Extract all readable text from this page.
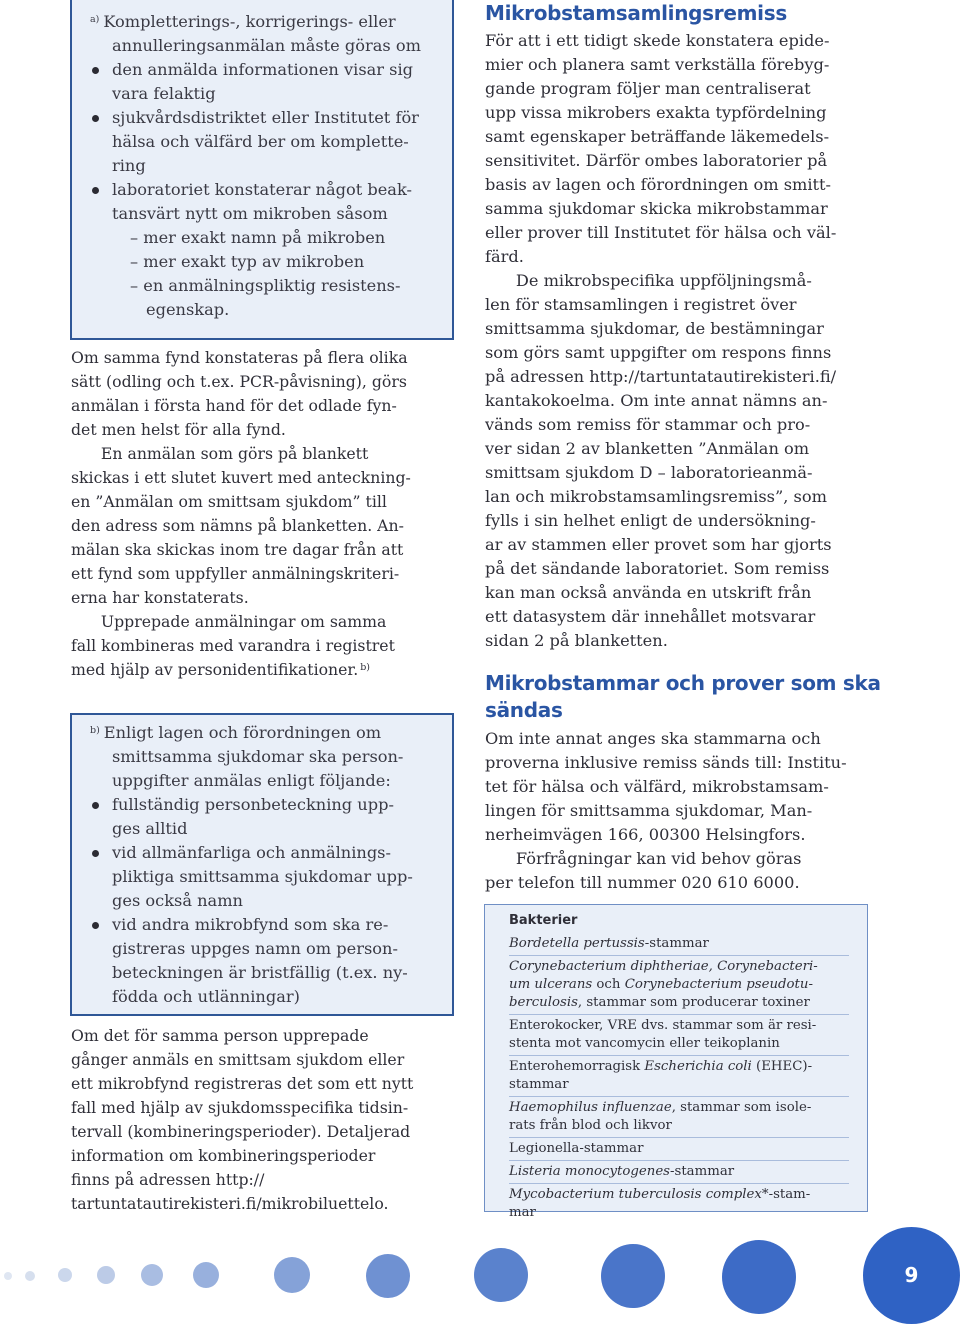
$^{a)}$ Kompletterings-, korrigerings- eller
annulleringsanmälan måste göras om
den anmälda informationen visar sig
vara felaktig
sjukvårdsdistriktet eller Institutet för
hälsa och välfärd ber om komplette-
ring
laboratoriet konstaterar något beak-
tansvärt nytt om mikroben såsom
– mer exakt namn på mikroben
– mer exakt typ av mikroben
– en anmälningspliktig resistens-
egenskap.
Om samma fynd konstateras på flera olika
sätt (odling och t.ex. PCR-påvisning), görs
anmälan i första hand för det odlade fyn-
det men helst för alla fynd.
En anmälan som görs på blankett
skickas i ett slutet kuvert med anteckning-
en ”Anmälan om smittsam sjukdom” till
den adress som nämns på blanketten. An-
mälan ska skickas inom tre dagar från att
ett fynd som uppfyller anmälningskriteri-
erna har konstaterats.
Upprepade anmälningar om samma
fall kombineras med varandra i registret
med hjälp av personidentifikationer. $^{b)}$
$^{b)}$ Enligt lagen och förordningen om
smittsamma sjukdomar ska person-
uppgifter anmälas enligt följande:
fullständig personbeteckning upp-
ges alltid
vid allmänfarliga och anmälnings-
pliktiga smittsamma sjukdomar upp-
ges också namn
vid andra mikrobfynd som ska re-
gistreras uppges namn om person-
beteckningen är bristfällig (t.ex. ny-
födda och utlänningar)
Om det för samma person upprepade
gånger anmäls en smittsam sjukdom eller
ett mikrobfynd registreras det som ett nytt
fall med hjälp av sjukdomsspecifika tidsin-
tervall (kombineringsperioder). Detaljerad
information om kombineringsperioder
finns på adressen http://
tartuntatautirekisteri.fi/mikrobiluettelo.
Mikrobstamsamlingsremiss
För att i ett tidigt skede konstatera epide-
mier och planera samt verkställa förebyg-
gande program följer man centraliserat
upp vissa mikrobers exakta typfördelning
samt egenskaper beträffande läkemedels-
sensitivitet. Därför ombes laboratorier på
basis av lagen och förordningen om smitt-
samma sjukdomar skicka mikrobstammar
eller prover till Institutet för hälsa och väl-
färd.
De mikrobspecifika uppföljningsmå-
len för stamsamlingen i registret över
smittsamma sjukdomar, de bestämningar
som görs samt uppgifter om respons finns
på adressen http://tartuntatautirekisteri.fi/
kantakokoelma. Om inte annat nämns an-
vänds som remiss för stammar och pro-
ver sidan 2 av blanketten ”Anmälan om
smittsam sjukdom D – laboratorieanmä-
lan och mikrobstamsamlingsremiss”, som
fylls i sin helhet enligt de undersökning-
ar av stammen eller provet som har gjorts
på det sändande laboratoriet. Som remiss
kan man också använda en utskrift från
ett datasystem där innehållet motsvarar
sidan 2 på blanketten.
Mikrobstammar och prover som ska
sändas
Om inte annat anges ska stammarna och
proverna inklusive remiss sänds till: Institu-
tet för hälsa och välfärd, mikrobstamsam-
lingen för smittsamma sjukdomar, Man-
nerheimvägen 166, 00300 Helsingfors.
Förfrågningar kan vid behov göras
per telefon till nummer 020 610 6000.
Bakterier
Bordetella pertussis-stammar
Corynebacterium diphtheriae, Corynebacteri-
um ulcerans och Corynebacterium pseudotu-
berculosis, stammar som producerar toxiner
Enterokocker, VRE dvs. stammar som är resi-
stenta mot vancomycin eller teikoplanin
Enterohemorragisk Escherichia coli (EHEC)-
stammar
Haemophilus influenzae, stammar som isole-
rats från blod och likvor
Legionella-stammar
Listeria monocytogenes-stammar
Mycobacterium tuberculosis complex*-stam-
mar
9
